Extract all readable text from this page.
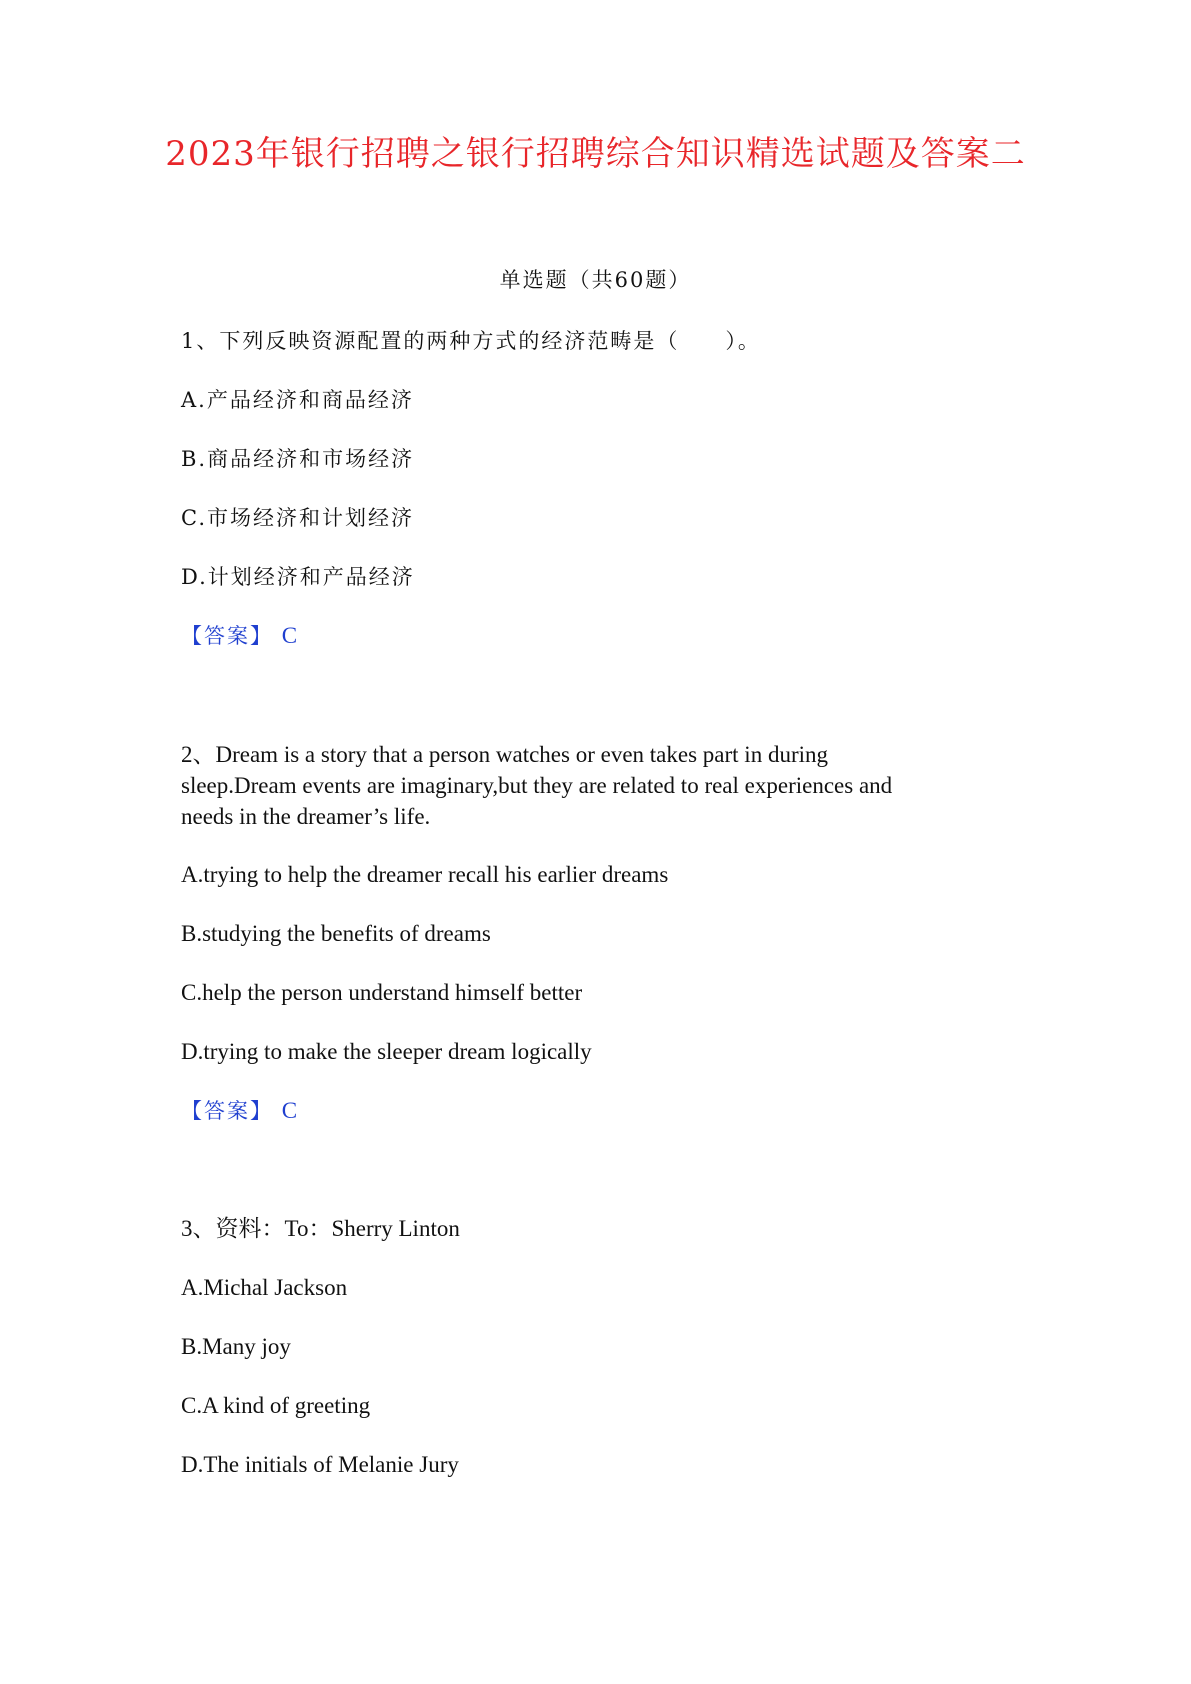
2023年银行招聘之银行招聘综合知识精选试题及答案二
单选题（共60题）
1、下列反映资源配置的两种方式的经济范畴是（　　）。
A.产品经济和商品经济
B.商品经济和市场经济
C.市场经济和计划经济
D.计划经济和产品经济
【答案】 C
2、Dream is a story that a person watches or even takes part in during sleep.Dream events are imaginary,but they are related to real experiences and needs in the dreamer’s life.
A.trying to help the dreamer recall his earlier dreams
B.studying the benefits of dreams
C.help the person understand himself better
D.trying to make the sleeper dream logically
【答案】 C
3、资料：To：Sherry Linton
A.Michal Jackson
B.Many joy
C.A kind of greeting
D.The initials of Melanie Jury
